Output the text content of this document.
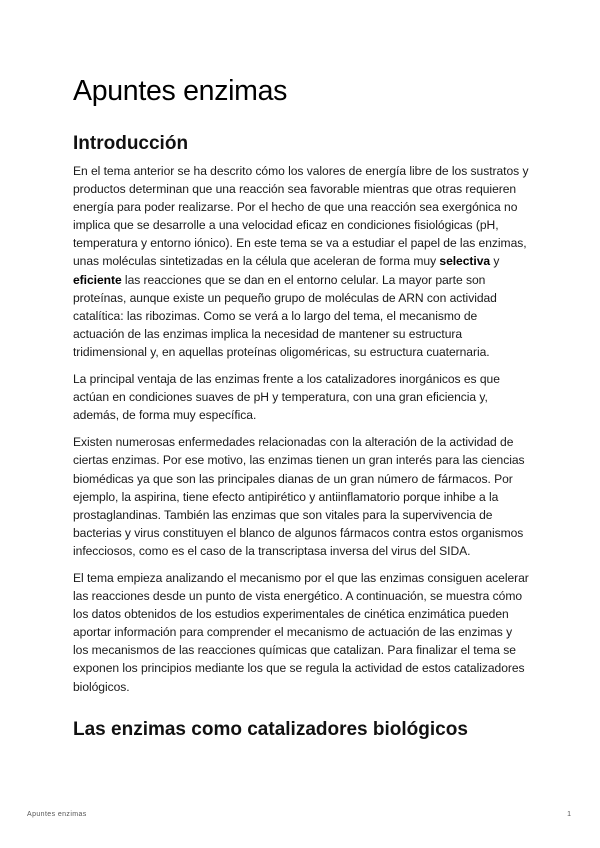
Apuntes enzimas
Introducción

En el tema anterior se ha descrito cómo los valores de energía libre de los sustratos y productos determinan que una reacción sea favorable mientras que otras requieren energía para poder realizarse. Por el hecho de que una reacción sea exergónica no implica que se desarrolle a una velocidad eficaz en condiciones fisiológicas (pH, temperatura y entorno iónico). En este tema se va a estudiar el papel de las enzimas, unas moléculas sintetizadas en la célula que aceleran de forma muy selectiva y eficiente las reacciones que se dan en el entorno celular. La mayor parte son proteínas, aunque existe un pequeño grupo de moléculas de ARN con actividad catalítica: las ribozimas. Como se verá a lo largo del tema, el mecanismo de actuación de las enzimas implica la necesidad de mantener su estructura tridimensional y, en aquellas proteínas oligoméricas, su estructura cuaternaria.

La principal ventaja de las enzimas frente a los catalizadores inorgánicos es que actúan en condiciones suaves de pH y temperatura, con una gran eficiencia y, además, de forma muy específica.

Existen numerosas enfermedades relacionadas con la alteración de la actividad de ciertas enzimas. Por ese motivo, las enzimas tienen un gran interés para las ciencias biomédicas ya que son las principales dianas de un gran número de fármacos. Por ejemplo, la aspirina, tiene efecto antipirético y antiinflamatorio porque inhibe a la prostaglandinas. También las enzimas que son vitales para la supervivencia de bacterias y virus constituyen el blanco de algunos fármacos contra estos organismos infecciosos, como es el caso de la transcriptasa inversa del virus del SIDA.

El tema empieza analizando el mecanismo por el que las enzimas consiguen acelerar las reacciones desde un punto de vista energético. A continuación, se muestra cómo los datos obtenidos de los estudios experimentales de cinética enzimática pueden aportar información para comprender el mecanismo de actuación de las enzimas y los mecanismos de las reacciones químicas que catalizan. Para finalizar el tema se exponen los principios mediante los que se regula la actividad de estos catalizadores biológicos.

Las enzimas como catalizadores biológicos
Apuntes enzimas	1
